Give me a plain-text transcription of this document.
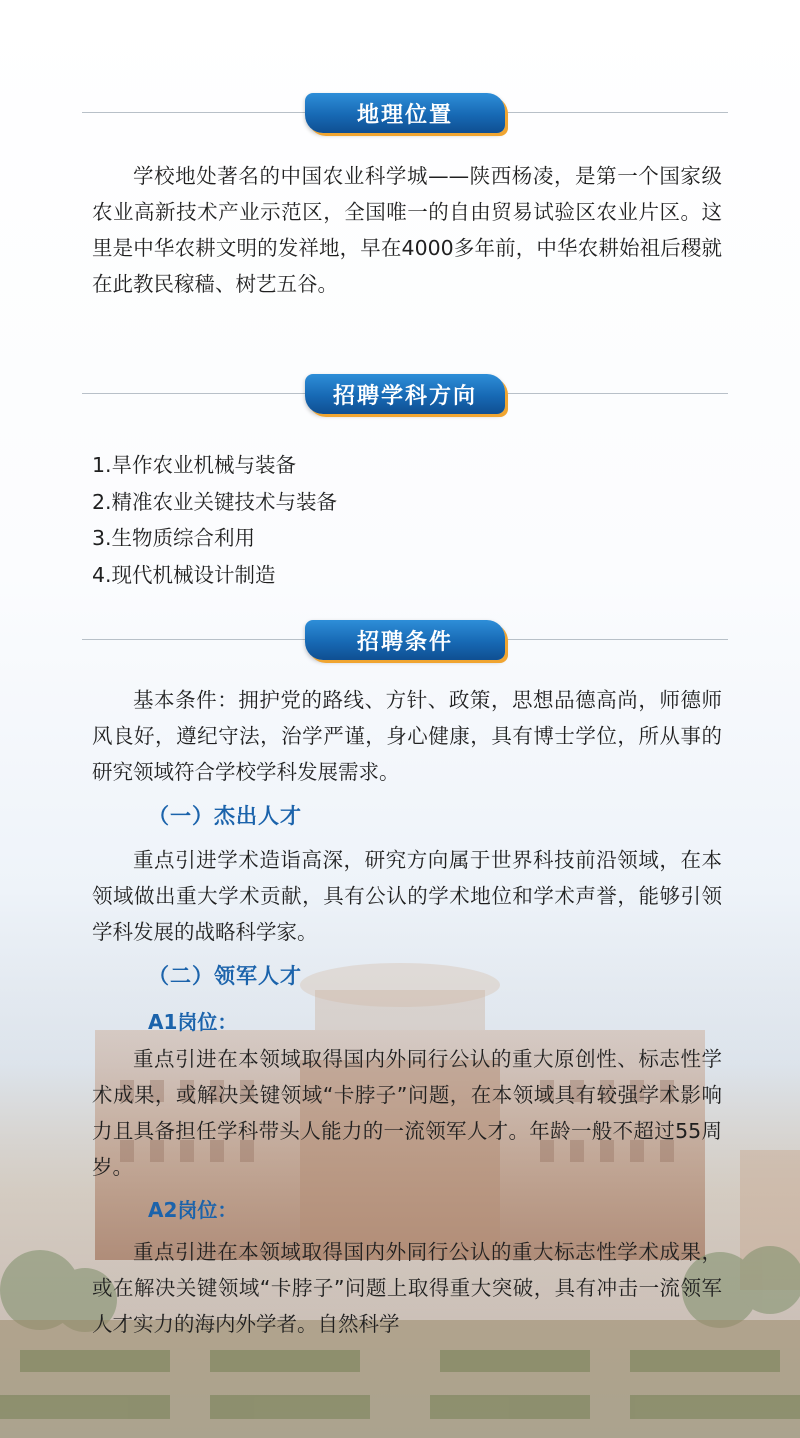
地理位置

学校地处著名的中国农业科学城——陕西杨凌，是第一个国家级农业高新技术产业示范区，全国唯一的自由贸易试验区农业片区。这里是中华农耕文明的发祥地，早在4000多年前，中华农耕始祖后稷就在此教民稼穑、树艺五谷。

招聘学科方向
1.旱作农业机械与装备
2.精准农业关键技术与装备
3.生物质综合利用
4.现代机械设计制造
招聘条件

基本条件：拥护党的路线、方针、政策，思想品德高尚，师德师风良好，遵纪守法，治学严谨，身心健康，具有博士学位，所从事的研究领域符合学校学科发展需求。

（一）杰出人才

重点引进学术造诣高深，研究方向属于世界科技前沿领域，在本领域做出重大学术贡献，具有公认的学术地位和学术声誉，能够引领学科发展的战略科学家。

（二）领军人才
A1岗位：

重点引进在本领域取得国内外同行公认的重大原创性、标志性学术成果，或解决关键领域“卡脖子”问题，在本领域具有较强学术影响力且具备担任学科带头人能力的一流领军人才。年龄一般不超过55周岁。

A2岗位：

重点引进在本领域取得国内外同行公认的重大标志性学术成果，或在解决关键领域“卡脖子”问题上取得重大突破，具有冲击一流领军人才实力的海内外学者。自然科学
